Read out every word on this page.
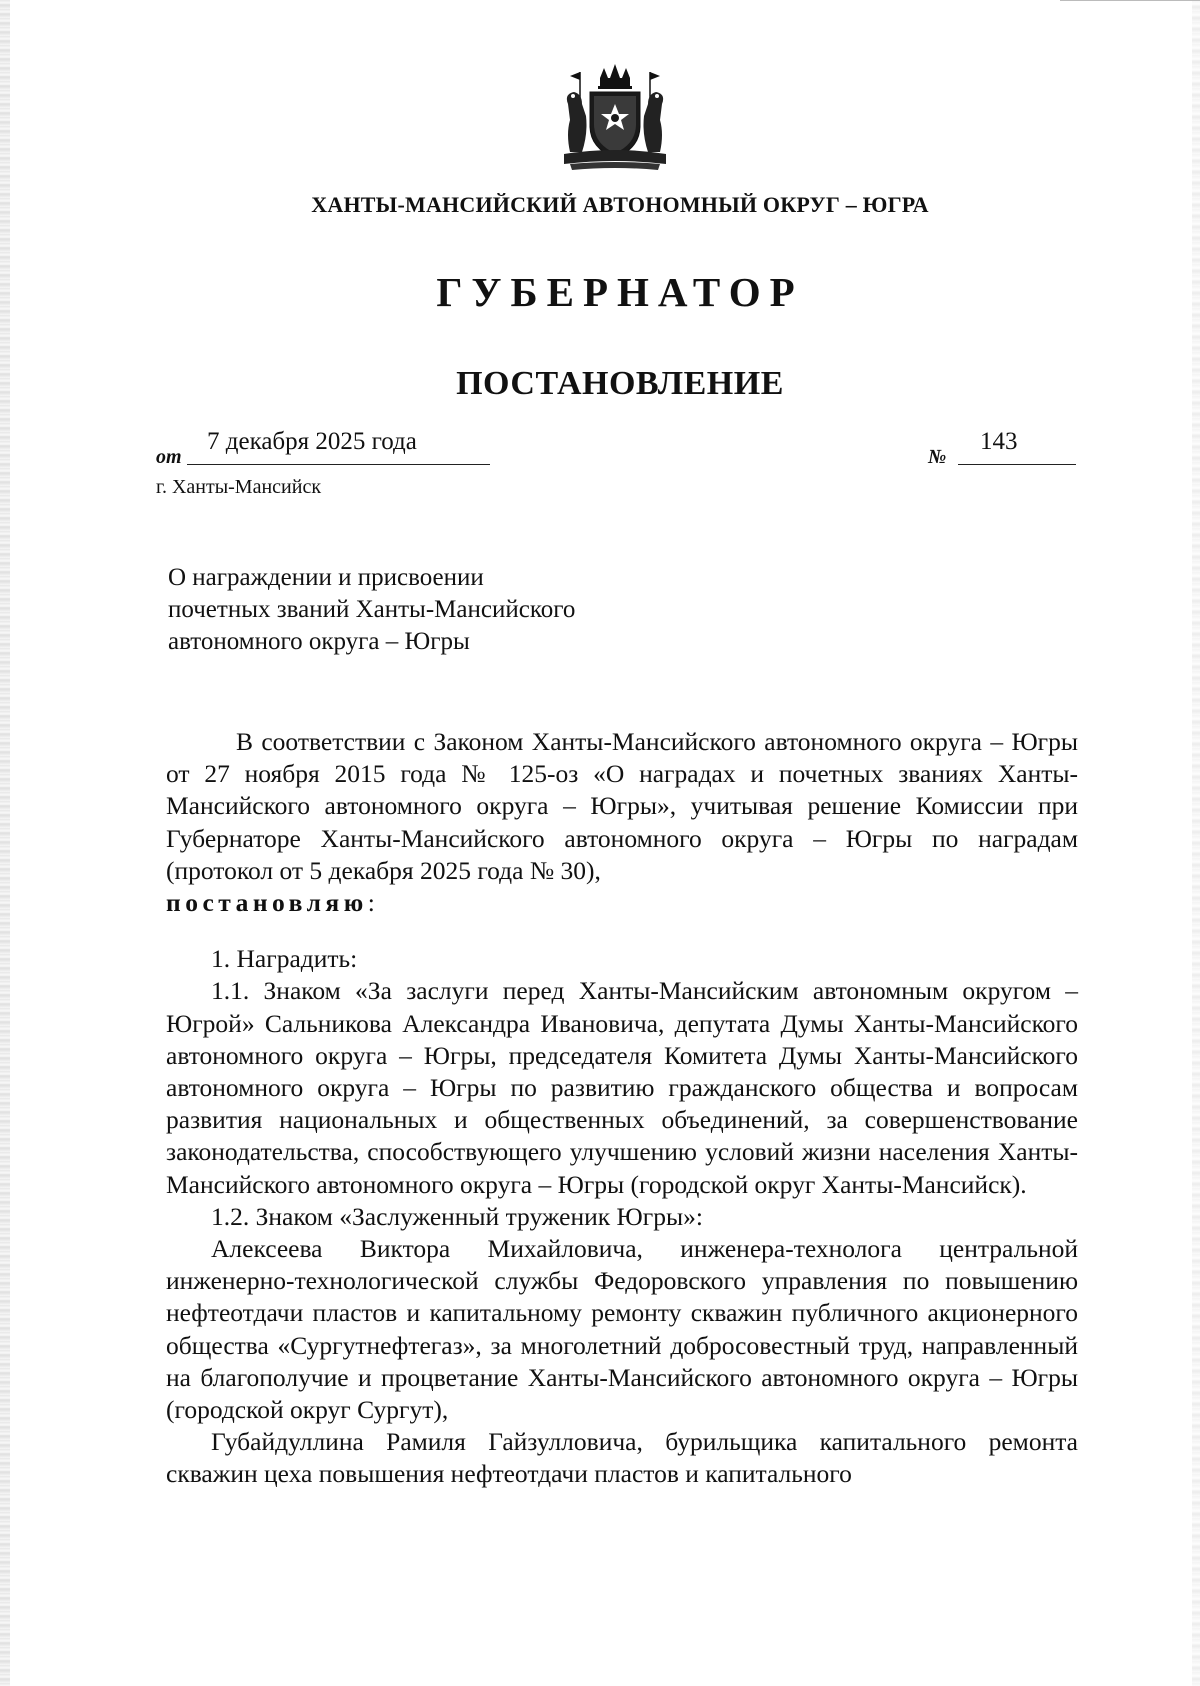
ХАНТЫ-МАНСИЙСКИЙ АВТОНОМНЫЙ ОКРУГ – ЮГРА
ГУБЕРНАТОР
ПОСТАНОВЛЕНИЕ
от
7 декабря 2025 года
№
143
г. Ханты-Мансийск
О награждении и присвоении
почетных званий Ханты-Мансийского
автономного округа – Югры

В соответствии с Законом Ханты-Мансийского автономного округа – Югры от 27 ноября 2015 года № 125-оз «О наградах и почетных званиях Ханты-Мансийского автономного округа – Югры», учитывая решение Комиссии при Губернаторе Ханты-Мансийского автономного округа – Югры по наградам (протокол от 5 декабря 2025 года № 30),
постановляю:

1. Наградить:

1.1. Знаком «За заслуги перед Ханты-Мансийским автономным округом – Югрой» Сальникова Александра Ивановича, депутата Думы Ханты-Мансийского автономного округа – Югры, председателя Комитета Думы Ханты-Мансийского автономного округа – Югры по развитию гражданского общества и вопросам развития национальных и общественных объединений, за совершенствование законодательства, способствующего улучшению условий жизни населения Ханты-Мансийского автономного округа – Югры (городской округ Ханты-Мансийск).

1.2. Знаком «Заслуженный труженик Югры»:

Алексеева Виктора Михайловича, инженера-технолога центральной инженерно-технологической службы Федоровского управления по повышению нефтеотдачи пластов и капитальному ремонту скважин публичного акционерного общества «Сургутнефтегаз», за многолетний добросовестный труд, направленный на благополучие и процветание Ханты-Мансийского автономного округа – Югры (городской округ Сургут),

Губайдуллина Рамиля Гайзулловича, бурильщика капитального ремонта скважин цеха повышения нефтеотдачи пластов и капитального
